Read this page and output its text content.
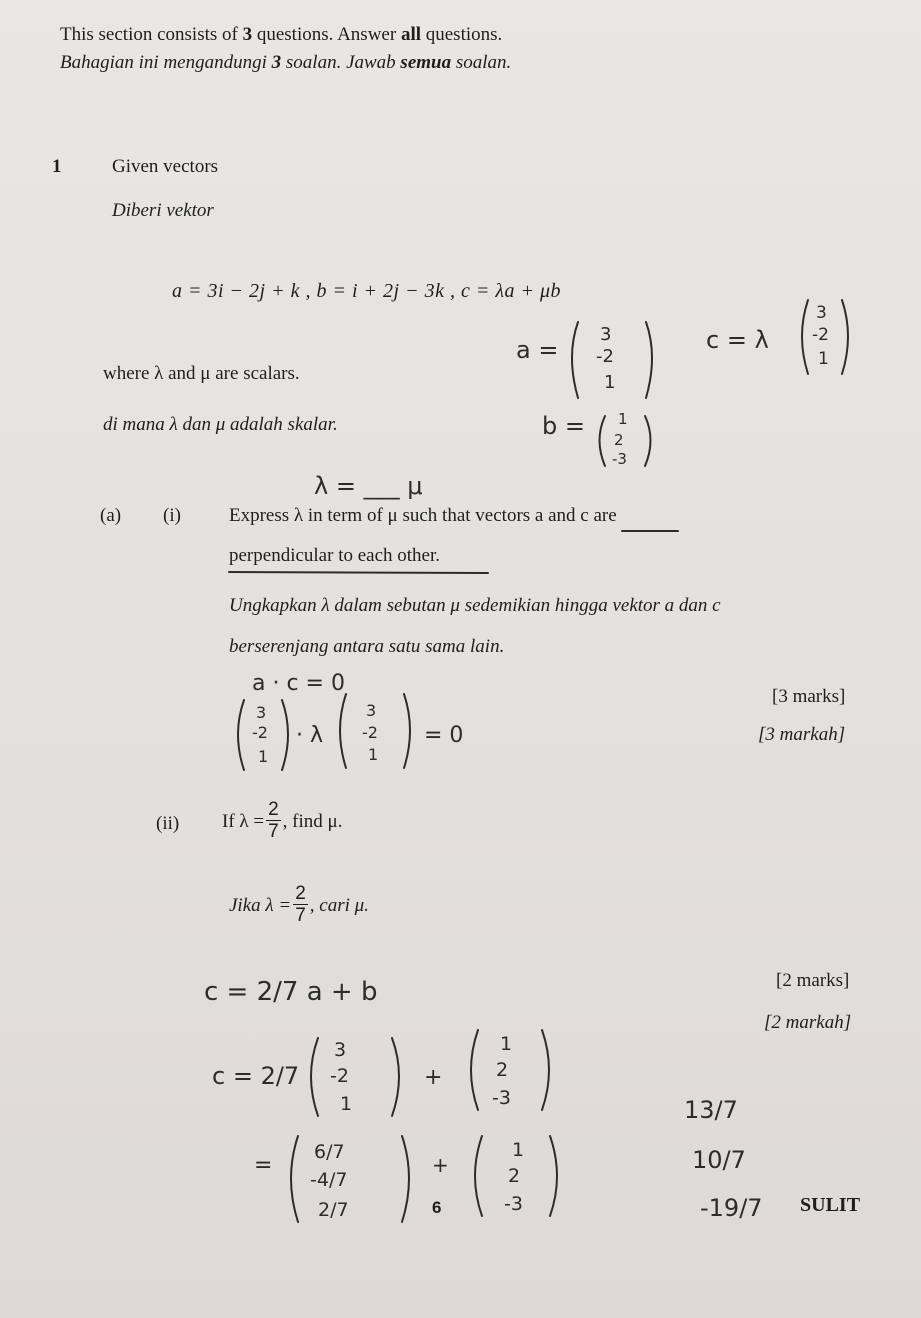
This section consists of 3 questions. Answer all questions.
Bahagian ini mengandungi 3 soalan. Jawab semua soalan.
1	Given vectors
Diberi vektor
a = 3i − 2j + k , b = i + 2j − 3k , c = λa + μb
where λ and μ are scalars.
di mana λ dan μ adalah skalar.
(a) (i)	Express λ in term of μ such that vectors a and c are
perpendicular to each other.
Ungkapkan λ dalam sebutan μ sedemikian hingga vektor a dan c
berserenjang antara satu sama lain.
[3 marks]
[3 markah]
(ii) If $\lambda = \frac{2}{7}$ , find μ.
Jika $\lambda = \frac{2}{7}$ , cari μ.
[2 marks]
[2 markah]
6	SULIT
a =
3
-2
1
c = λ
3
-2
1
b = 1
2
-3
λ = ___ μ
a · c = 0
3
-2
1
· λ
3
-2
1
= 0
c = 2/7 a + b
c = 2/7
3
-2
1
+
1
2
-3
=
6/7
-4/7
2/7
+
1
2
-3
13/7
10/7
-19/7
